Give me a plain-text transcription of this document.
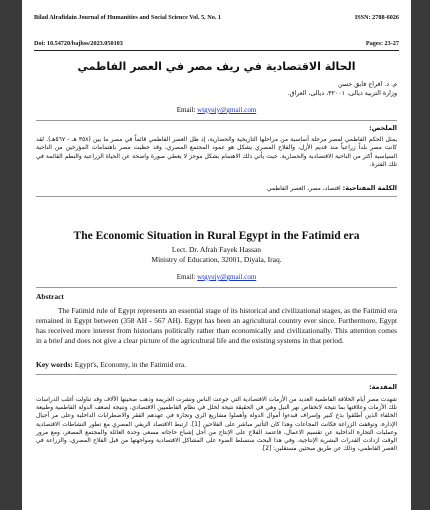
Bilad Alrafidain Journal of Humanities and Social Science Vol. 5, No. 1	ISSN: 2788-6026
Doi: 10.54720/bajhss/2023.050103	Pages: 23-27
الحالة الاقتصادية في ريف مصر في العصر الفاطمي
م. د. افراح فايق حسن
وزارة التربية ديالى، ٣٢٠٠١، ديالى، العراق.
Email: wtgyujy@gmail.com
الملخص:
يمثل الحكم الفاطمي لمصر مرحلة أساسية من مراحلها التاريخية والحضارية، إذ ظل العصر الفاطمي قائماً في مصر ما بين (٣٥٨ هـ - ٥٦٧هـ). لقد كانت مصر بلداً زراعياً منذ قديم الأزل، والفلاح المصري يشكل هو عمود المجتمع المصري، وقد حظيت مصر باهتمامات المؤرخين من الناحية السياسية أكثر من الناحية الاقتصادية والحضارية. حيث يأتي ذلك الاهتمام بشكل موجز لا يعطي صورة واضحة عن الحياة الزراعية والنظم القائمة في تلك الفترة.
الكلمة المفتاحية: اقتصاد، مصر، العصر الفاطمي
The Economic Situation in Rural Egypt in the Fatimid era
Lect. Dr. Afrah Fayek Hassan
Ministry of Education, 32001, Diyala, Iraq.
Email: wtgyujy@gmail.com
Abstract
The Fatimid rule of Egypt represents an essential stage of its historical and civilizational stages, as the Fatimid era remained in Egypt between (358 AH - 567 AH). Egypt has been an agricultural country ever since. Furthermore, Egypt has received more interest from historians politically rather than economically and civilizationally. This attention comes in a brief and does not give a clear picture of the agricultural life and the existing systems in that period.
Key words: Egypt's, Economy, in the Fatimid era.
المقدمة:
شهدت مصر أيام الخلافة الفاطمية العديد من الأزمات الاقتصادية التي جوعت الناس ونشرت الجريمة وذهب ضحيتها الآلاف وقد تناولت أغلب الدراسات تلك الأزمات وعلاقتها بما نتيجة لانخفاض نهر النيل وهي في الحقيقة نتيجة لخلل في نظام الفاطميين الاقتصادي، ونتيجة لضعف الدولة الفاطمية وطبيعة الخلفاء الذين أطلقوا بذخ كبير وإسراف فبدءوا أموال الدولة وأهملوا مشاريع الري وتجارة في عهدهم الفقر والاضطرابات الداخلية وعلى مر أجيال الإدارة، وتوقفت الزراعة فكانت المجاعات وهذا كان التأثير مباشر على الفلاحين [1]. ارتبط الاقتصاد الريفي المصري مع تطور النشاطات الاقتصادية وعمليات التجارة الداخلية عن تقسيم الاعمال، فاعتمد الفلاح على الإنتاج من أجل إشباع حاجاته مسعى وحدة العائلة والمجتمع المصغر، ومع مرور الوقت ازدادت القدرات البشرية الإنتاجية، وفي هذا البحث سنسلط الضوء على المشاكل الاقتصادية ومواجهتها من قبل الفلاح المصري، والزراعة في العصر الفاطمي، وذلك عن طريق مبحثين مستقلين: [2].
